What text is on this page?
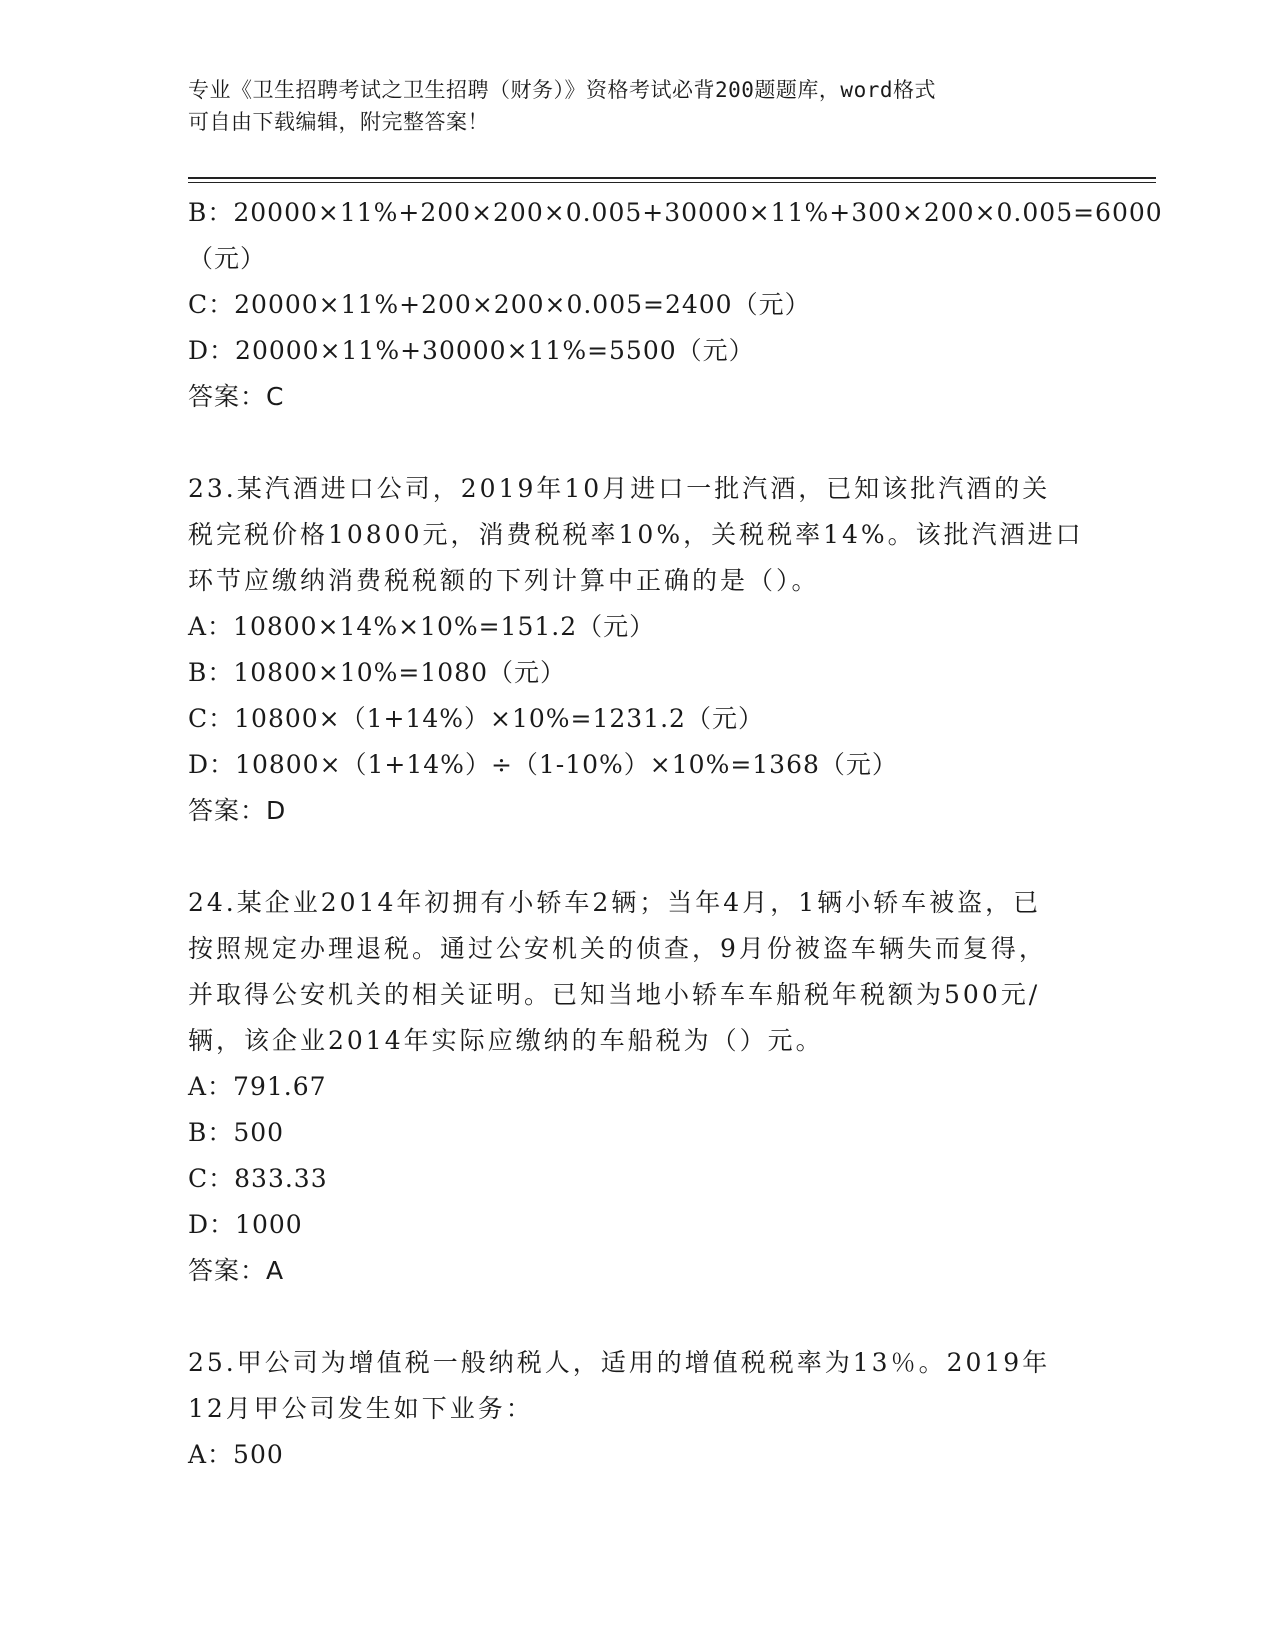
专业《卫生招聘考试之卫生招聘（财务）》资格考试必背200题题库，word格式
可自由下载编辑，附完整答案！
B：20000×11%+200×200×0.005+30000×11%+300×200×0.005=6000
（元）
C：20000×11%+200×200×0.005=2400（元）
D：20000×11%+30000×11%=5500（元）
答案：C
23.某汽酒进口公司，2019年10月进口一批汽酒，已知该批汽酒的关
税完税价格10800元，消费税税率10%，关税税率14%。该批汽酒进口
环节应缴纳消费税税额的下列计算中正确的是（）。
A：10800×14%×10%=151.2（元）
B：10800×10%=1080（元）
C：10800×（1+14%）×10%=1231.2（元）
D：10800×（1+14%）÷（1-10%）×10%=1368（元）
答案：D
24.某企业2014年初拥有小轿车2辆；当年4月，1辆小轿车被盗，已
按照规定办理退税。通过公安机关的侦查，9月份被盗车辆失而复得，
并取得公安机关的相关证明。已知当地小轿车车船税年税额为500元/
辆，该企业2014年实际应缴纳的车船税为（）元。
A：791.67
B：500
C：833.33
D：1000
答案：A
25.甲公司为增值税一般纳税人，适用的增值税税率为13％。2019年
12月甲公司发生如下业务：
A：500
